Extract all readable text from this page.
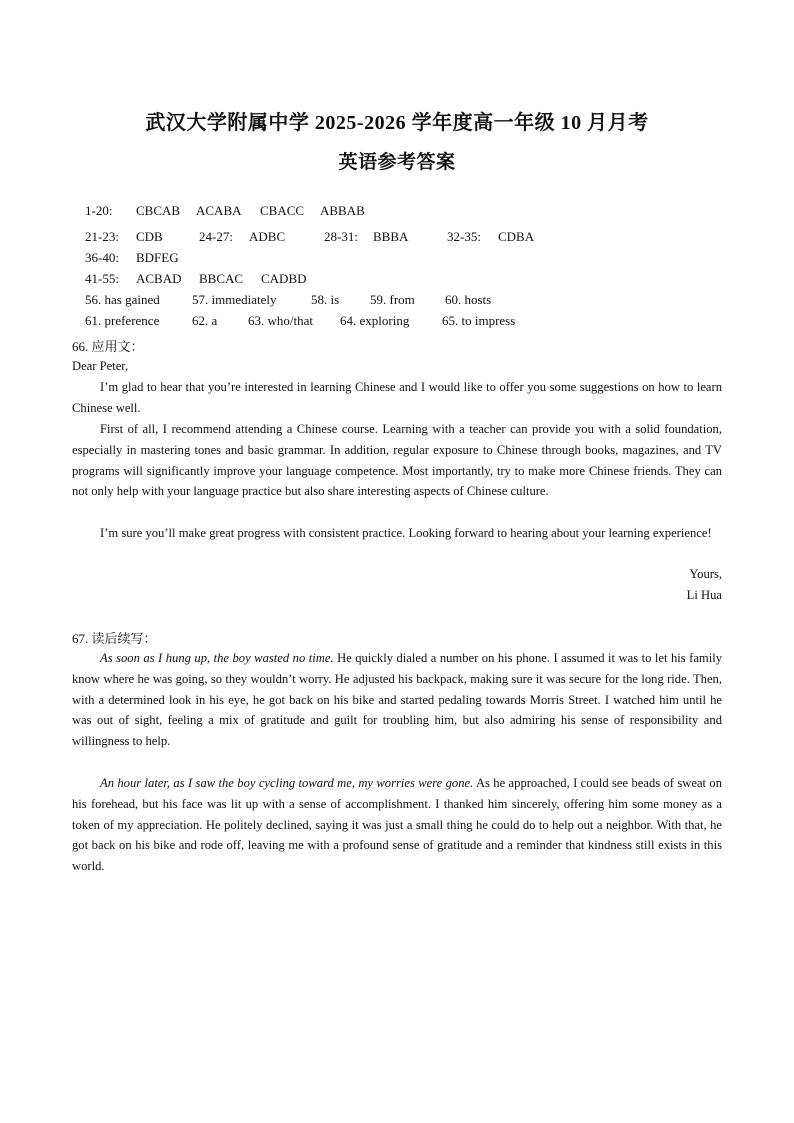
武汉大学附属中学 2025-2026 学年度高一年级 10 月月考
英语参考答案

1-20: CBCAB ACABA CBACC ABBAB

21-23: CDB	24-27: ADBC	28-31: BBBA	32-35: CDBA

36-40: BDFEG

41-55: ACBAD BBCAC CADBD

56. has gained 57. immediately	58. is 59. from 60. hosts

61. preference	62. a 63. who/that 64. exploring	65. to impress

66. 应用文：
Dear Peter,

I’m glad to hear that you’re interested in learning Chinese and I would like to offer you some suggestions on how to learn Chinese well.

First of all, I recommend attending a Chinese course. Learning with a teacher can provide you with a solid foundation, especially in mastering tones and basic grammar. In addition, regular exposure to Chinese through books, magazines, and TV programs will significantly improve your language competence. Most importantly, try to make more Chinese friends. They can not only help with your language practice but also share interesting aspects of Chinese culture.

I’m sure you’ll make great progress with consistent practice. Looking forward to hearing about your learning experience!

Yours,
Li Hua
67. 读后续写：

As soon as I hung up, the boy wasted no time. He quickly dialed a number on his phone. I assumed it was to let his family know where he was going, so they wouldn’t worry. He adjusted his backpack, making sure it was secure for the long ride. Then, with a determined look in his eye, he got back on his bike and started pedaling towards Morris Street. I watched him until he was out of sight, feeling a mix of gratitude and guilt for troubling him, but also admiring his sense of responsibility and willingness to help.

An hour later, as I saw the boy cycling toward me, my worries were gone. As he approached, I could see beads of sweat on his forehead, but his face was lit up with a sense of accomplishment. I thanked him sincerely, offering him some money as a token of my appreciation. He politely declined, saying it was just a small thing he could do to help out a neighbor. With that, he got back on his bike and rode off, leaving me with a profound sense of gratitude and a reminder that kindness still exists in this world.
